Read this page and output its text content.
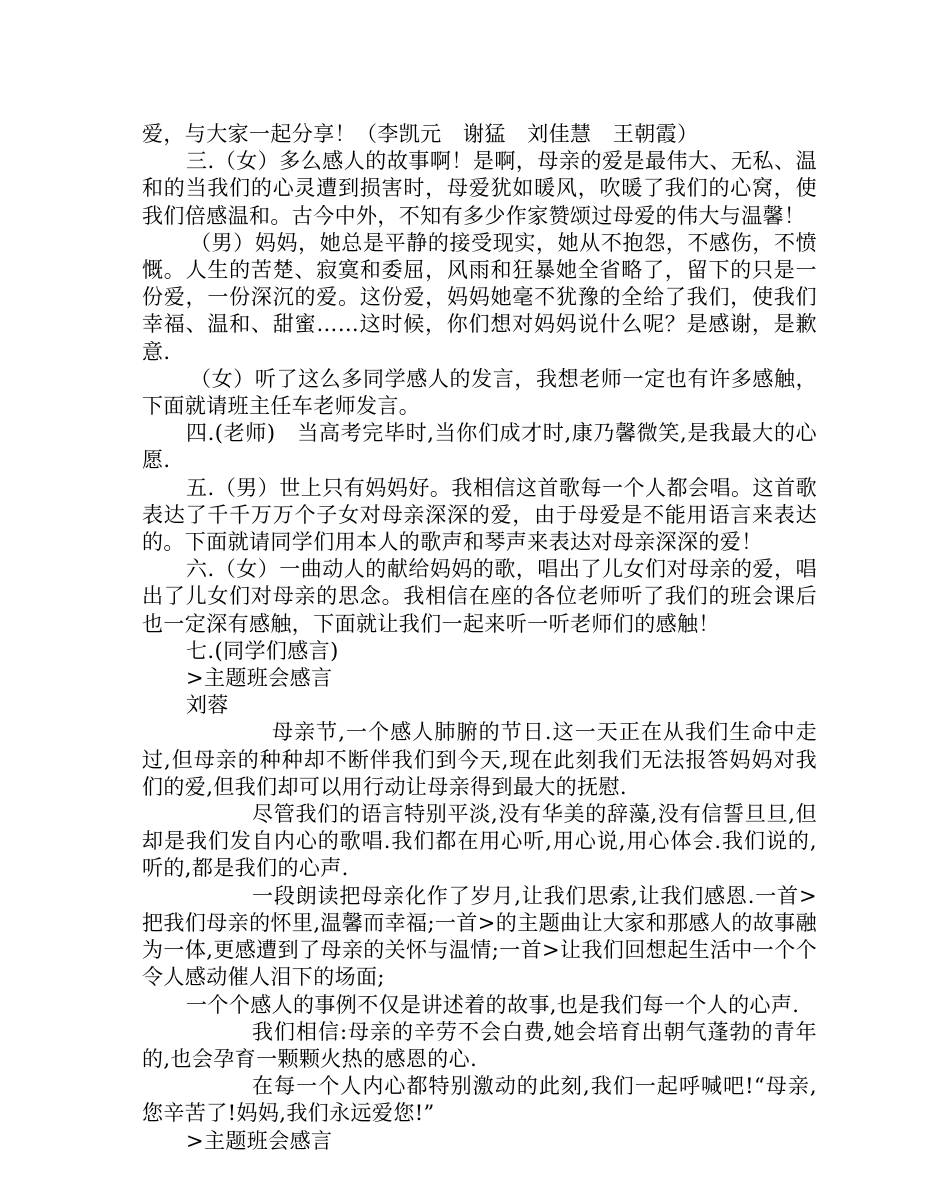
爱，与大家一起分享！（李凯元　谢猛　刘佳慧　王朝霞）

三.（女）多么感人的故事啊！是啊，母亲的爱是最伟大、无私、温和的当我们的心灵遭到损害时，母爱犹如暖风，吹暖了我们的心窝，使我们倍感温和。古今中外，不知有多少作家赞颂过母爱的伟大与温馨！

（男）妈妈，她总是平静的接受现实，她从不抱怨，不感伤，不愤慨。人生的苦楚、寂寞和委屈，风雨和狂暴她全省略了，留下的只是一份爱，一份深沉的爱。这份爱，妈妈她毫不犹豫的全给了我们，使我们幸福、温和、甜蜜……这时候，你们想对妈妈说什么呢？是感谢，是歉意.

（女）听了这么多同学感人的发言，我想老师一定也有许多感触，下面就请班主任车老师发言。

四.(老师)　当高考完毕时,当你们成才时,康乃馨微笑,是我最大的心愿.

五.（男）世上只有妈妈好。我相信这首歌每一个人都会唱。这首歌表达了千千万万个子女对母亲深深的爱，由于母爱是不能用语言来表达的。下面就请同学们用本人的歌声和琴声来表达对母亲深深的爱！

六.（女）一曲动人的献给妈妈的歌，唱出了儿女们对母亲的爱，唱出了儿女们对母亲的思念。我相信在座的各位老师听了我们的班会课后也一定深有感触，下面就让我们一起来听一听老师们的感触！

七.(同学们感言)

>主题班会感言

刘蓉

母亲节,一个感人肺腑的节日.这一天正在从我们生命中走过,但母亲的种种却不断伴我们到今天,现在此刻我们无法报答妈妈对我们的爱,但我们却可以用行动让母亲得到最大的抚慰.

尽管我们的语言特别平淡,没有华美的辞藻,没有信誓旦旦,但却是我们发自内心的歌唱.我们都在用心听,用心说,用心体会.我们说的,听的,都是我们的心声.

一段朗读把母亲化作了岁月,让我们思索,让我们感恩.一首>把我们母亲的怀里,温馨而幸福;一首>的主题曲让大家和那感人的故事融为一体,更感遭到了母亲的关怀与温情;一首>让我们回想起生活中一个个令人感动催人泪下的场面;

一个个感人的事例不仅是讲述着的故事,也是我们每一个人的心声.

我们相信:母亲的辛劳不会白费,她会培育出朝气蓬勃的青年的,也会孕育一颗颗火热的感恩的心.

在每一个人内心都特别激动的此刻,我们一起呼喊吧!“母亲,您辛苦了!妈妈,我们永远爱您!”

>主题班会感言
